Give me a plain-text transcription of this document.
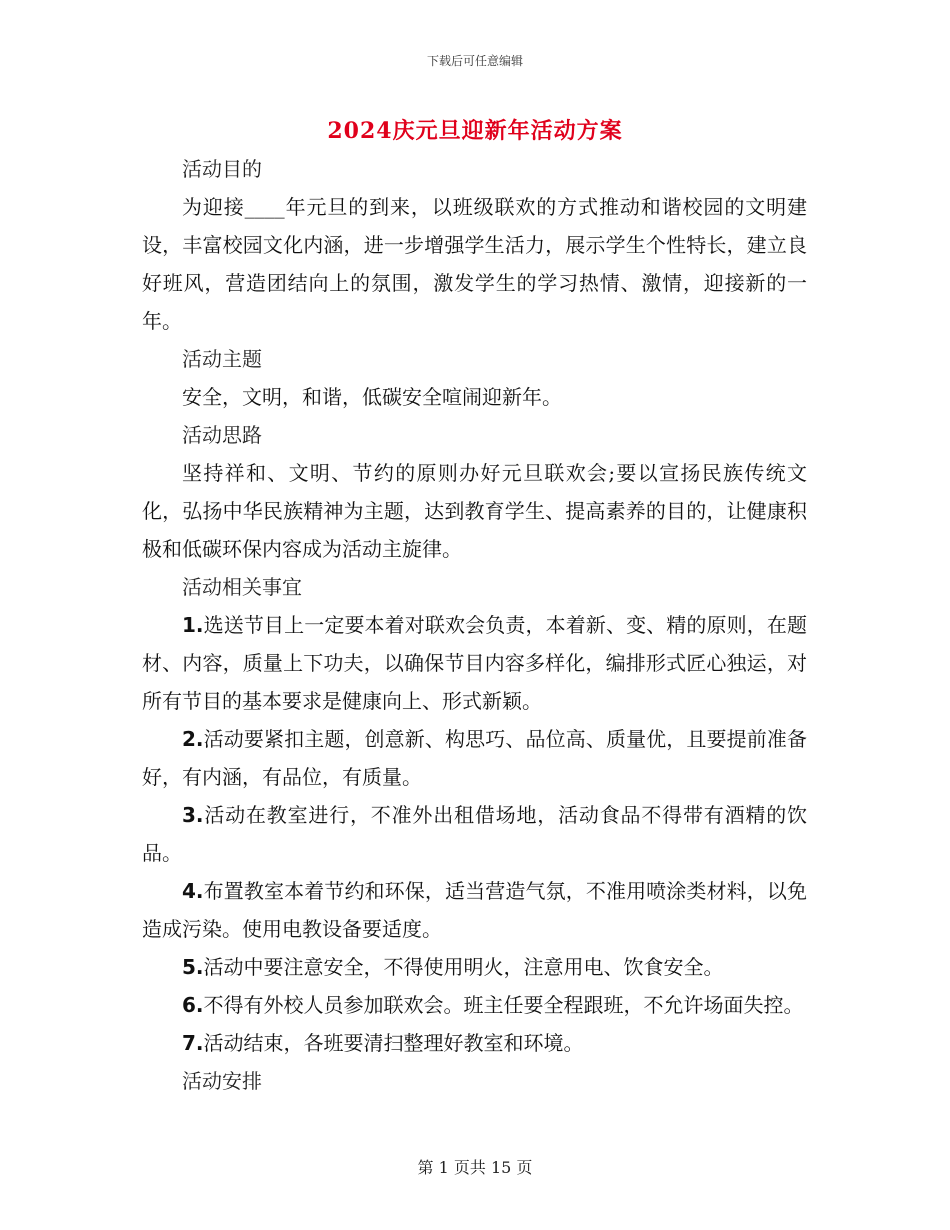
下载后可任意编辑
2024庆元旦迎新年活动方案

活动目的

为迎接____年元旦的到来，以班级联欢的方式推动和谐校园的文明建设，丰富校园文化内涵，进一步增强学生活力，展示学生个性特长，建立良好班风，营造团结向上的氛围，激发学生的学习热情、激情，迎接新的一年。

活动主题

安全，文明，和谐，低碳安全喧闹迎新年。

活动思路

坚持祥和、文明、节约的原则办好元旦联欢会;要以宣扬民族传统文化，弘扬中华民族精神为主题，达到教育学生、提高素养的目的，让健康积极和低碳环保内容成为活动主旋律。

活动相关事宜

1.选送节目上一定要本着对联欢会负责，本着新、变、精的原则，在题材、内容，质量上下功夫，以确保节目内容多样化，编排形式匠心独运，对所有节目的基本要求是健康向上、形式新颖。

2.活动要紧扣主题，创意新、构思巧、品位高、质量优，且要提前准备好，有内涵，有品位，有质量。

3.活动在教室进行，不准外出租借场地，活动食品不得带有酒精的饮品。

4.布置教室本着节约和环保，适当营造气氛，不准用喷涂类材料，以免造成污染。使用电教设备要适度。

5.活动中要注意安全，不得使用明火，注意用电、饮食安全。

6.不得有外校人员参加联欢会。班主任要全程跟班，不允许场面失控。

7.活动结束，各班要清扫整理好教室和环境。

活动安排

第 1 页共 15 页
